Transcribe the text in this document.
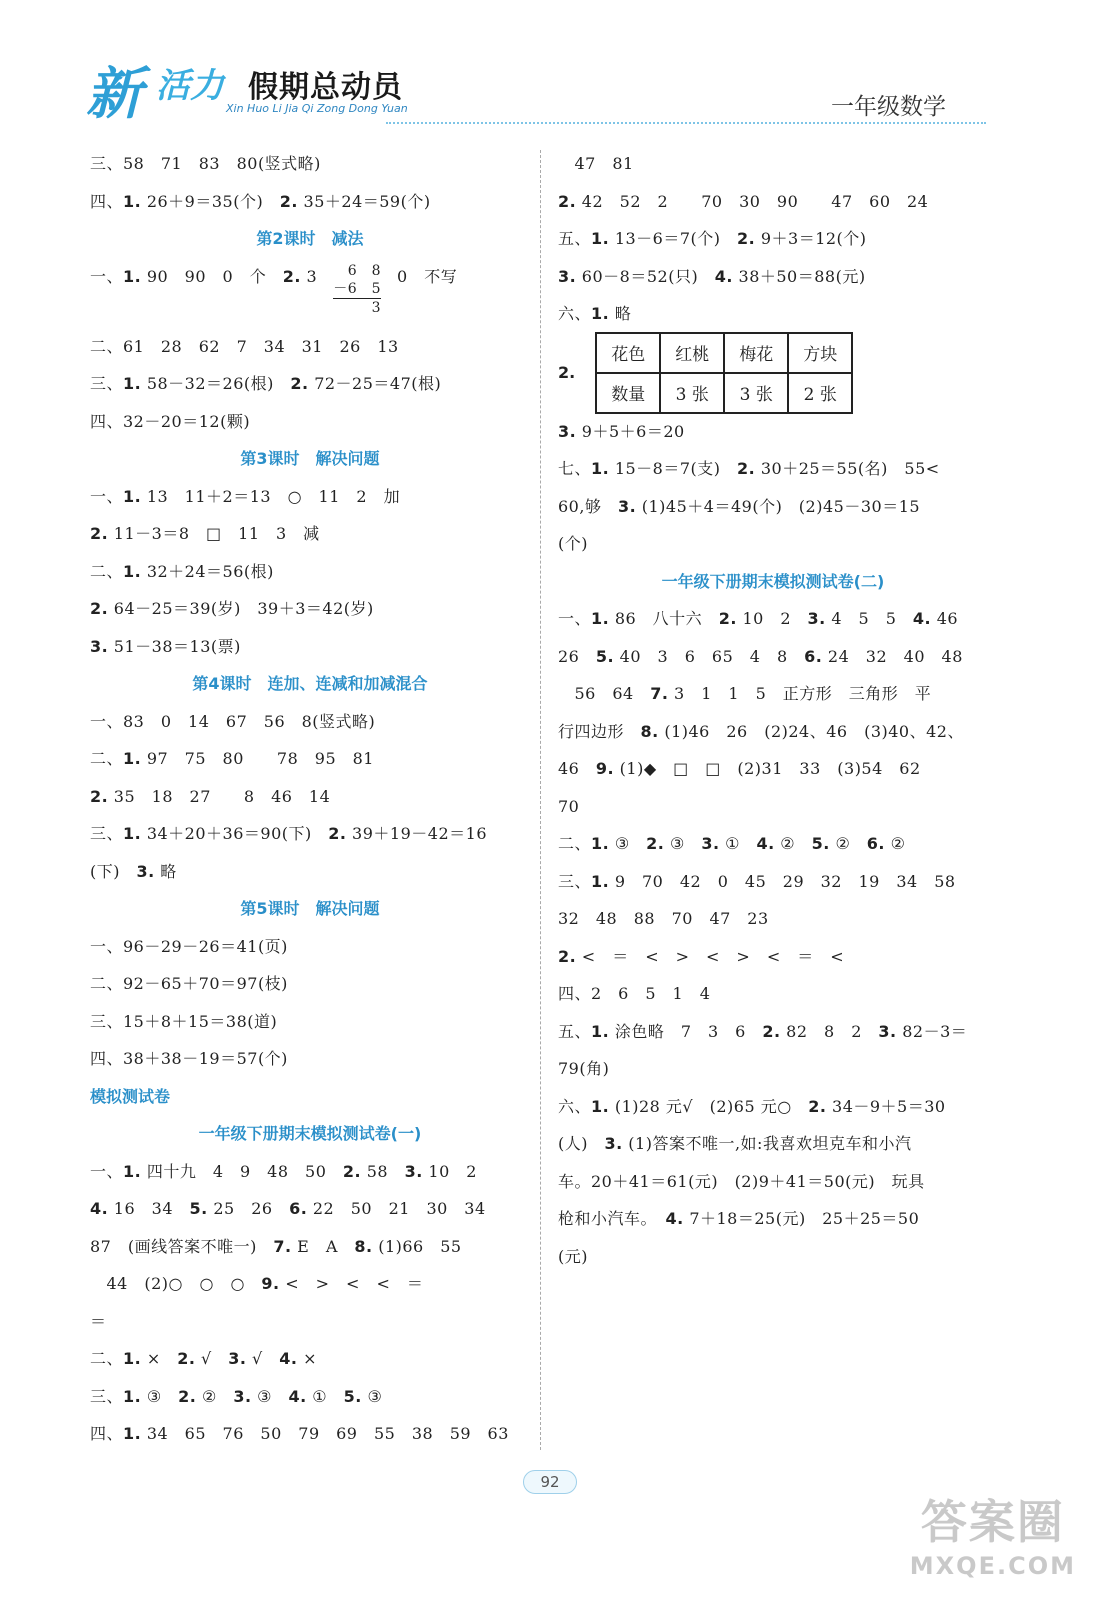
新 活力 假期总动员
Xin Huo Li Jia Qi Zong Dong Yuan	一年级数学
三、58　71　83　80(竖式略)
四、1. 26＋9＝35(个)　2. 35＋24＝59(个)
第2课时　减法
一、1. 90　90　0　个　2. 3	6　8
－6　5
3
0　不写
二、61　28　62　7　34　31　26　13
三、1. 58－32＝26(根)　2. 72－25＝47(根)
四、32－20＝12(颗)
第3课时　解决问题
一、1. 13　11＋2＝13　○　11　2　加
2. 11－3＝8　□　11　3　减
二、1. 32＋24＝56(根)
2. 64－25＝39(岁)　39＋3＝42(岁)
3. 51－38＝13(票)
第4课时　连加、连减和加减混合
一、83　0　14　67　56　8(竖式略)
二、1. 97　75　80　　78　95　81
2. 35　18　27　　8　46　14
三、1. 34＋20＋36＝90(下)　2. 39＋19－42＝16
(下)　3. 略
第5课时　解决问题
一、96－29－26＝41(页)
二、92－65＋70＝97(枝)
三、15＋8＋15＝38(道)
四、38＋38－19＝57(个)
模拟测试卷
一年级下册期末模拟测试卷(一)
一、1. 四十九　4　9　48　50　2. 58　3. 10　2
4. 16　34　5. 25　26　6. 22　50　21　30　34
87　(画线答案不唯一)　7. E　A　8. (1)66　55
　44　(2)○　○　○　9. <　>　<　<　＝
＝
二、1. ×　2. √　3. √　4. ×
三、1. ③　2. ②　3. ③　4. ①　5. ③
四、1. 34　65　76　50　79　69　55　38　59　63
　47　81
2. 42　52　2　　70　30　90　　47　60　24
五、1. 13－6＝7(个)　2. 9＋3＝12(个)
3. 60－8＝52(只)　4. 38＋50＝88(元)
六、1. 略
2.
花色	红桃	梅花	方块
数量	3 张	3 张	2 张
3. 9＋5＋6＝20
七、1. 15－8＝7(支)　2. 30＋25＝55(名)　55<
60,够　3. (1)45＋4＝49(个)　(2)45－30＝15
(个)
一年级下册期末模拟测试卷(二)
一、1. 86　八十六　2. 10　2　3. 4　5　5　4. 46
26　5. 40　3　6　65　4　8　6. 24　32　40　48
　56　64　7. 3　1　1　5　正方形　三角形　平
行四边形　8. (1)46　26　(2)24、46　(3)40、42、
46　9. (1)◆　□　□　(2)31　33　(3)54　62
70
二、1. ③　2. ③　3. ①　4. ②　5. ②　6. ②
三、1. 9　70　42　0　45　29　32　19　34　58
32　48　88　70　47　23
2. <　＝　<　>　<　>　<　＝　<
四、2　6　5　1　4
五、1. 涂色略　7　3　6　2. 82　8　2　3. 82－3＝
79(角)
六、1. (1)28 元√　(2)65 元○　2. 34－9＋5＝30
(人)　3. (1)答案不唯一,如:我喜欢坦克车和小汽
车。20＋41＝61(元)　(2)9＋41＝50(元)　玩具
枪和小汽车。　4. 7＋18＝25(元)　25＋25＝50
(元)
92
答案圈
MXQE.COM
